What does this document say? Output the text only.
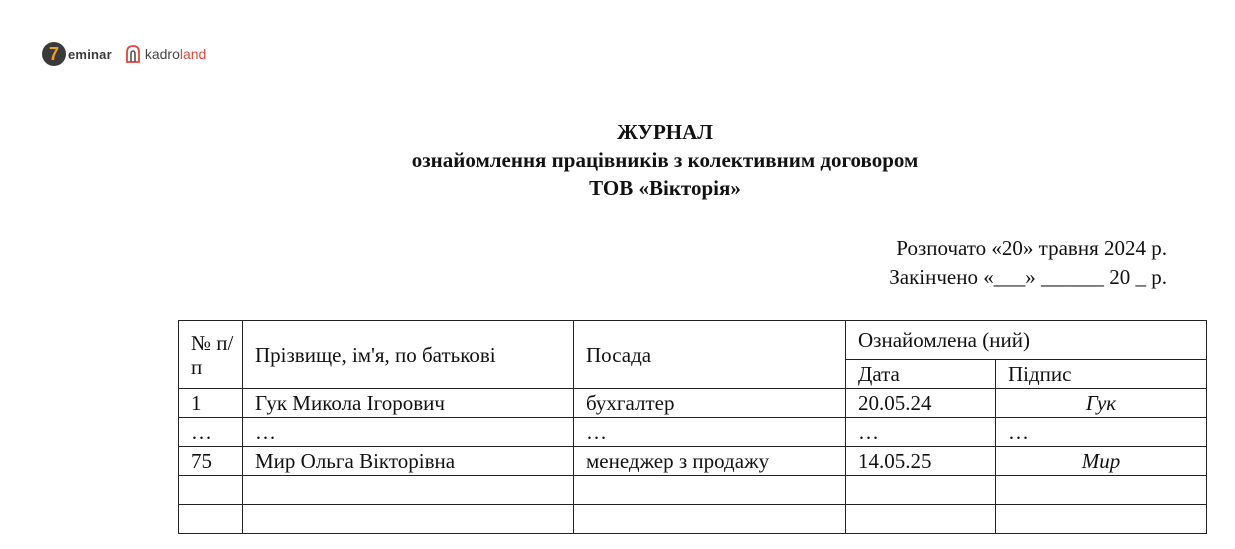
7 eminar kadroland
ЖУРНАЛ
ознайомлення працівників з колективним договором
ТОВ «Вікторія»
Розпочато «20» травня 2024 р.
Закінчено «___» ______ 20 _ р.
№ п/п	Прізвище, ім'я, по батькові	Посада	Ознайомлена (ний)	
			Дата	Підпис
1	Гук Микола Ігорович	бухгалтер	20.05.24	Гук
…	…	…	…	…
75	Мир Ольга Вікторівна	менеджер з продажу	14.05.25	Мир
